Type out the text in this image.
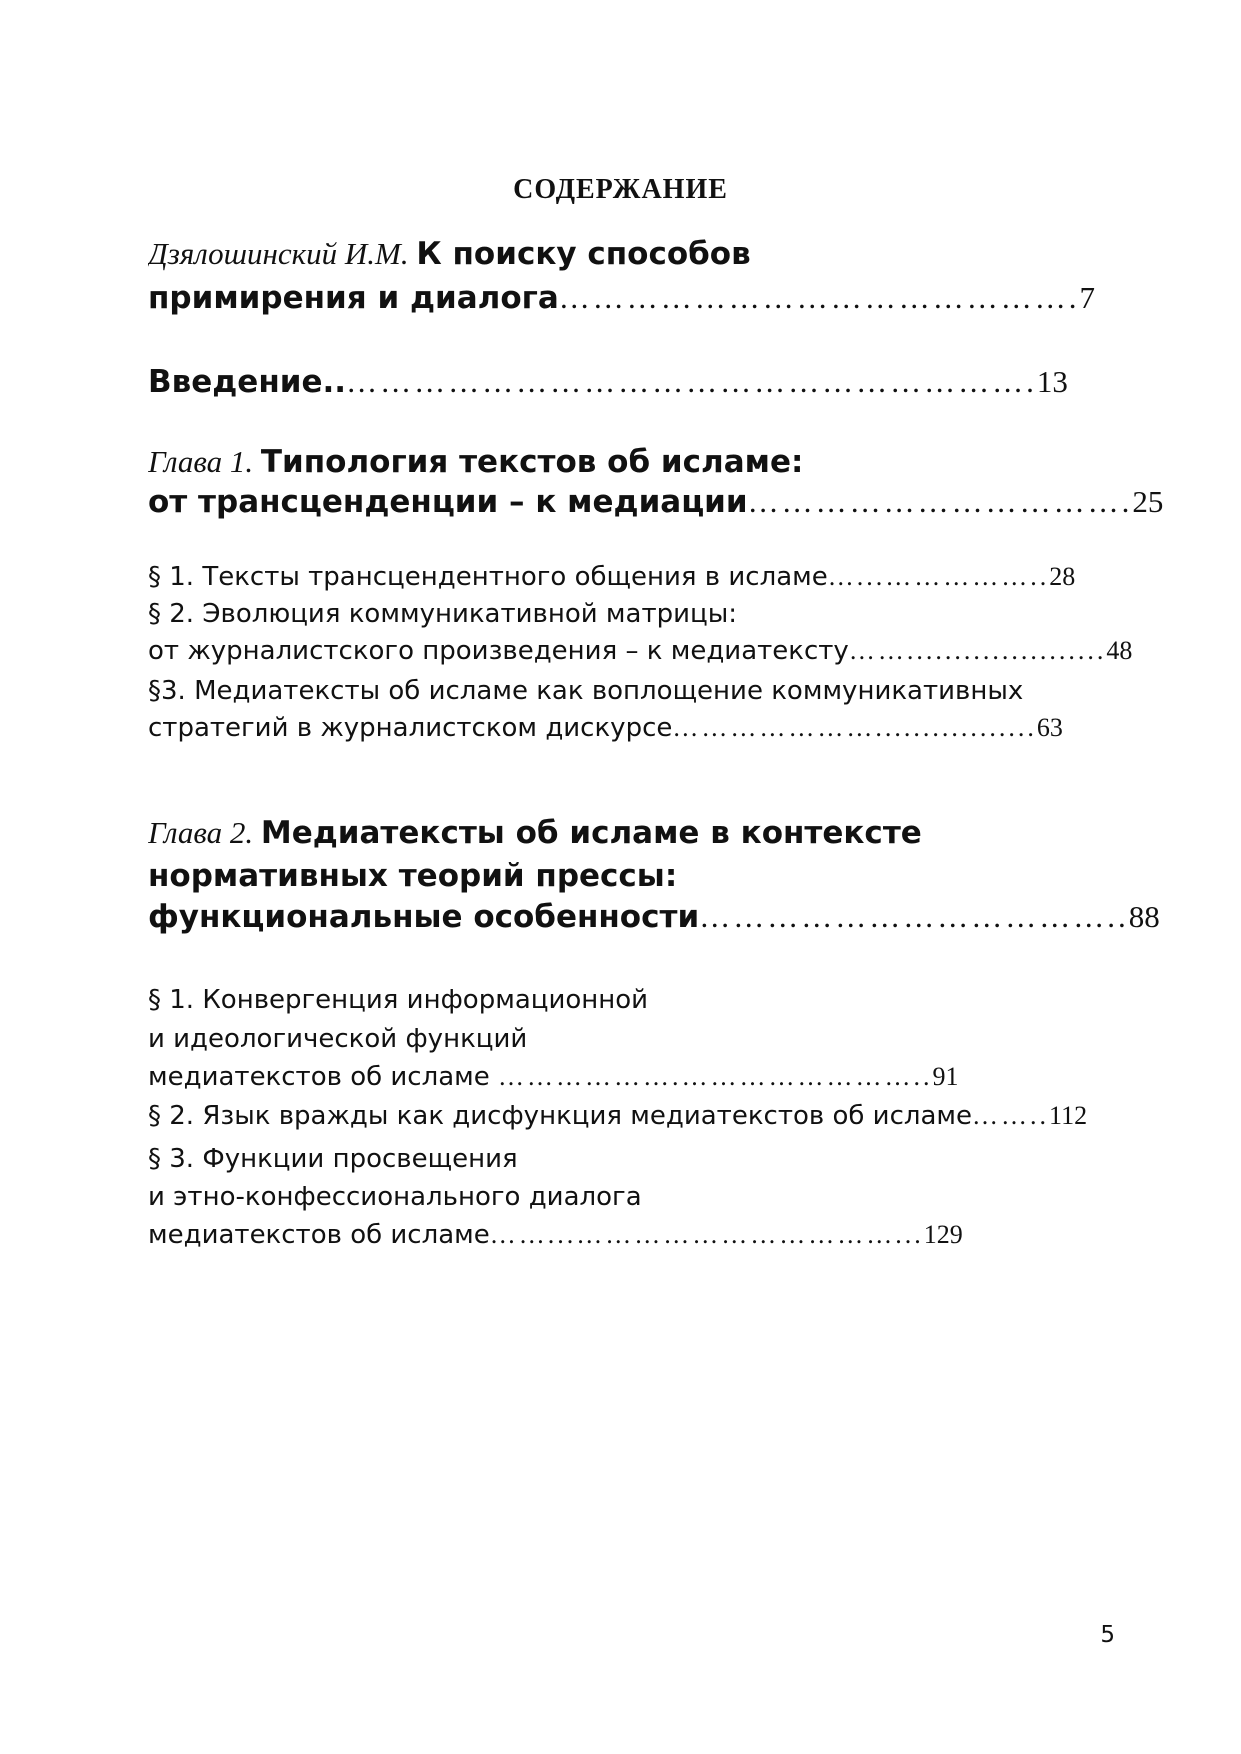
СОДЕРЖАНИЕ
Дзялошинский И.М. К поиску способов
примирения и диалога……………………………………….7
Введение..…………………………………………………….13
Глава 1. Типология текстов об исламе:
от трансценденции – к медиации…………………………….25
§ 1. Тексты трансцендентного общения в исламе…...……………..28
§ 2. Эволюция коммуникативной матрицы:
от журналистского произведения – к медиатексту…….....................48
§3. Медиатексты об исламе как воплощение коммуникативных
стратегий в журналистском дискурсе………………….................63
Глава 2. Медиатексты об исламе в контексте
нормативных теорий прессы:
функциональные особенности………………………………..88
§ 1. Конвергенция информационной
и идеологической функций
медиатекстов об исламе ……………….……………………..91
§ 2. Язык вражды как дисфункция медиатекстов об исламе……..112
§ 3. Функции просвещения
и этно-конфессионального диалога
медиатекстов об исламе……...……………………………...129
5
